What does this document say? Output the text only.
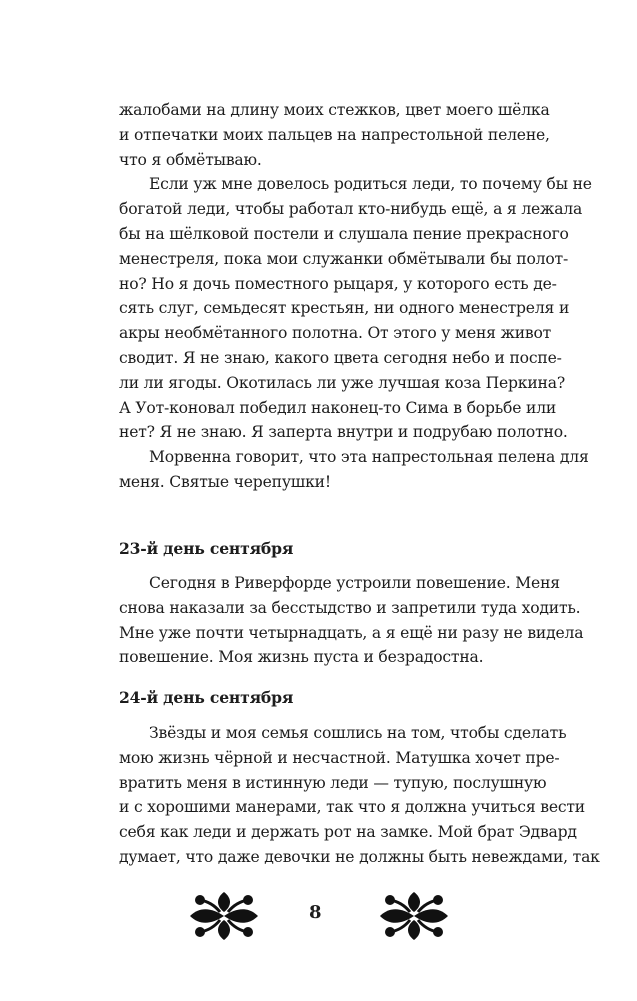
жалобами на длину моих стежков, цвет моего шёлка
и отпечатки моих пальцев на напрестольной пелене,
что я обмётываю.
Если уж мне довелось родиться леди, то почему бы не
богатой леди, чтобы работал кто-нибудь ещё, а я лежала
бы на шёлковой постели и слушала пение прекрасного
менестреля, пока мои служанки обмётывали бы полот-
но? Но я дочь поместного рыцаря, у которого есть де-
сять слуг, семьдесят крестьян, ни одного менестреля и
акры необмётанного полотна. От этого у меня живот
сводит. Я не знаю, какого цвета сегодня небо и поспе-
ли ли ягоды. Окотилась ли уже лучшая коза Перкина?
А Уот-коновал победил наконец-то Сима в борьбе или
нет? Я не знаю. Я заперта внутри и подрубаю полотно.
Морвенна говорит, что эта напрестольная пелена для
меня. Святые черепушки!
23-й день сентября
Сегодня в Риверфорде устроили повешение. Меня
снова наказали за бесстыдство и запретили туда ходить.
Мне уже почти четырнадцать, а я ещё ни разу не видела
повешение. Моя жизнь пуста и безрадостна.
24-й день сентября
Звёзды и моя семья сошлись на том, чтобы сделать
мою жизнь чёрной и несчастной. Матушка хочет пре-
вратить меня в истинную леди — тупую, послушную
и с хорошими манерами, так что я должна учиться вести
себя как леди и держать рот на замке. Мой брат Эдвард
думает, что даже девочки не должны быть невеждами, так
8
